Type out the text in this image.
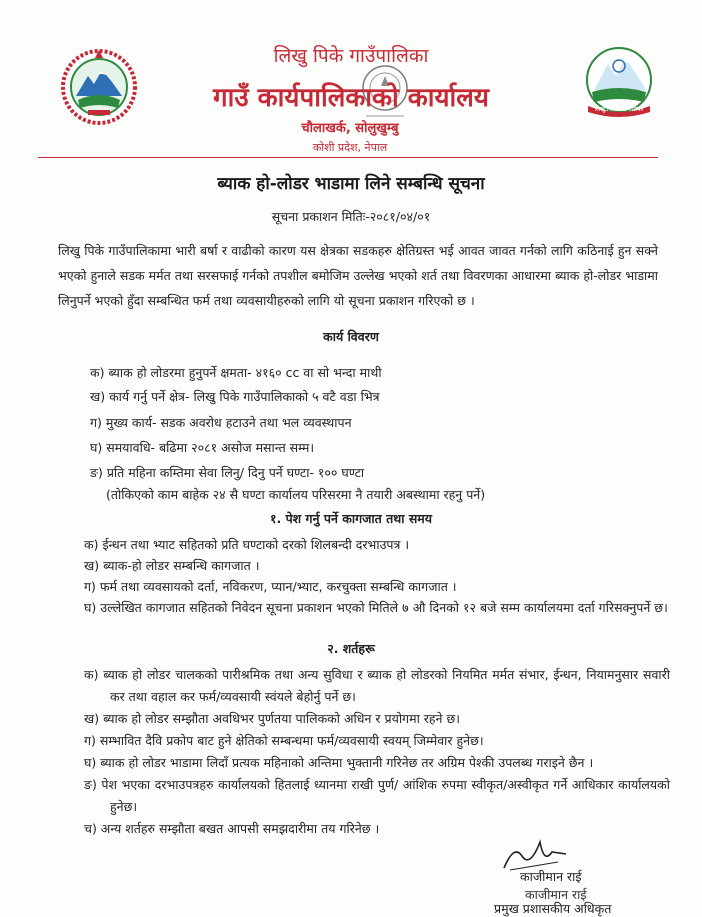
लिखु पिके गाउँपालिका
गाउँ कार्यपालिकाको कार्यालय
चौलाखर्क, सोलुखुम्बु
कोशी प्रदेश, नेपाल
लिखु पिके गाउँपालिका
ब्याक हो-लोडर भाडामा लिने सम्बन्धि सूचना
सूचना प्रकाशन मितिः-२०८१/०४/०१
लिखु पिके गाउँपालिकामा भारी बर्षा र वाढीको कारण यस क्षेत्रका सडकहरु क्षेतिग्रस्त भई आवत जावत गर्नको लागि कठिनाई हुन सक्ने भएको हुनाले सडक मर्मत तथा सरसफाई गर्नको तपशील बमोजिम उल्लेख भएको शर्त तथा विवरणका आधारमा ब्याक हो-लोडर भाडामा लिनुपर्ने भएको हुँदा सम्बन्धित फर्म तथा व्यवसायीहरुको लागि यो सूचना प्रकाशन गरिएको छ ।
कार्य विवरण
क) ब्याक हो लोडरमा हुनुपर्ने क्षमता- ४१६० cc वा सो भन्दा माथी
ख) कार्य गर्नु पर्ने क्षेत्र- लिखु पिके गाउँपालिकाको ५ वटै वडा भित्र
ग) मुख्य कार्य- सडक अवरोध हटाउने तथा भल व्यवस्थापन
घ) समयावधि- बढिमा २०८१ असोज मसान्त सम्म।
ङ) प्रति महिना कम्तिमा सेवा लिनु/ दिनु पर्ने घण्टा- १०० घण्टा
(तोकिएको काम बाहेक २४ सै घण्टा कार्यालय परिसरमा नै तयारी अबस्थामा रहनु पर्ने)
१. पेश गर्नु पर्ने कागजात तथा समय
क) ईन्धन तथा भ्याट सहितको प्रति घण्टाको दरको शिलबन्दी दरभाउपत्र ।
ख) ब्याक-हो लोडर सम्बन्धि कागजात ।
ग) फर्म तथा व्यवसायको दर्ता, नविकरण, प्यान/भ्याट, करचुक्ता सम्बन्धि कागजात ।
घ) उल्लेखित कागजात सहितको निवेदन सूचना प्रकाशन भएको मितिले ७ औ दिनको १२ बजे सम्म कार्यालयमा दर्ता गरिसक्नुपर्ने छ।
२. शर्तहरू
क) ब्याक हो लोडर चालकको पारीश्रमिक तथा अन्य सुविधा र ब्याक हो लोडरको नियमित मर्मत संभार, ईन्धन, नियामनुसार सवारी कर तथा वहाल कर फर्म/व्यवसायी स्वंयले बेहोर्नु पर्ने छ।
ख) ब्याक हो लोडर सम्झौता अवधिभर पुर्णतया पालिकको अधिन र प्रयोगमा रहने छ।
ग) सम्भावित दैवि प्रकोप बाट हुने क्षेतिको सम्बन्धमा फर्म/व्यवसायी स्वयम् जिम्मेवार हुनेछ।
घ) ब्याक हो लोडर भाडामा लिदाँ प्रत्यक महिनाको अन्तिमा भुक्तानी गरिनेछ तर अग्रिम पेश्की उपलब्ध गराइने छैन ।
ङ) पेश भएका दरभाउपत्रहरु कार्यालयको हितलाई ध्यानमा राखी पुर्ण/ आंशिक रुपमा स्वीकृत/अस्वीकृत गर्ने आधिकार कार्यालयको हुनेछ।
च) अन्य शर्तहरु सम्झौता बखत आपसी समझदारीमा तय गरिनेछ ।
काजीमान राई
काजीमान राई
प्रमुख प्रशासकीय अधिकृत
